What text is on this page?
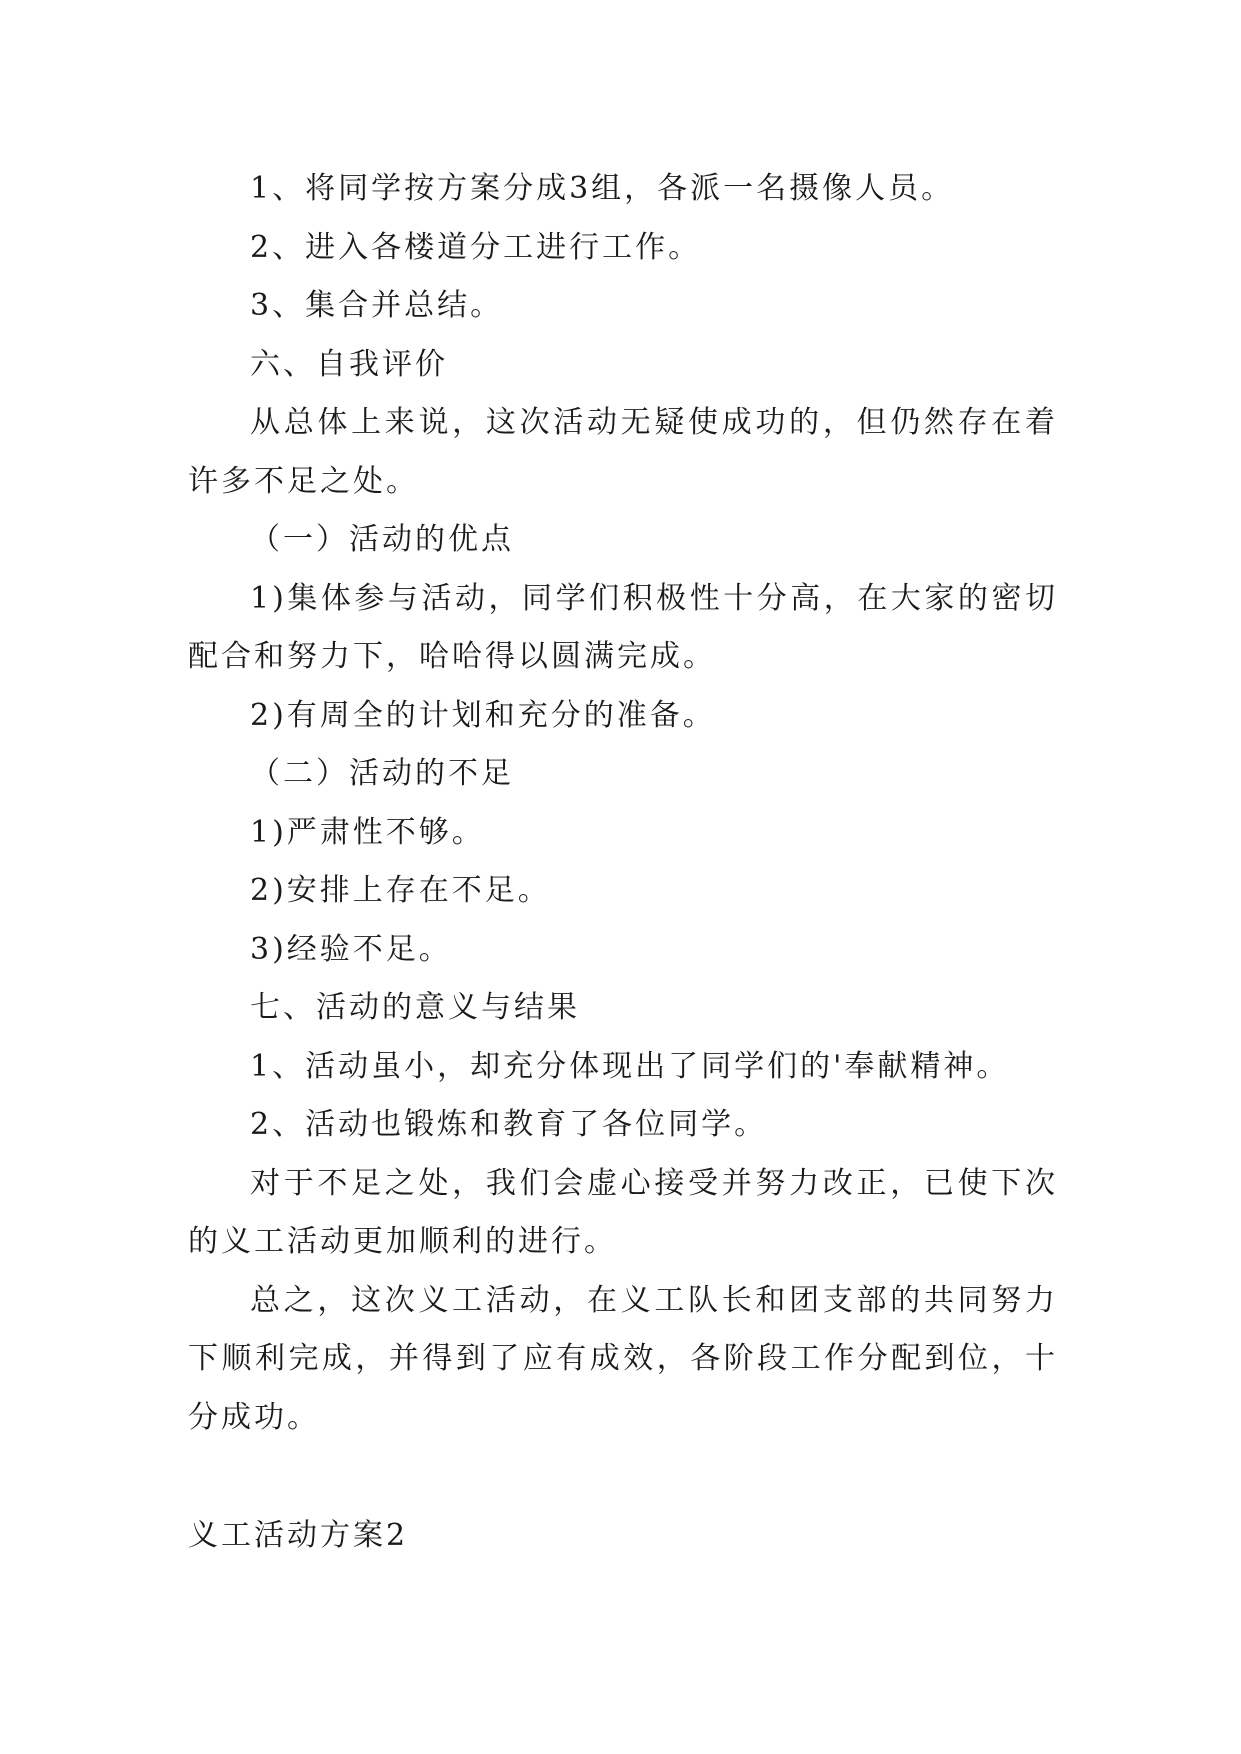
1、将同学按方案分成3组，各派一名摄像人员。

2、进入各楼道分工进行工作。

3、集合并总结。

六、自我评价

从总体上来说，这次活动无疑使成功的，但仍然存在着许多不足之处。

（一）活动的优点

1)集体参与活动，同学们积极性十分高，在大家的密切配合和努力下，哈哈得以圆满完成。

2)有周全的计划和充分的准备。

（二）活动的不足

1)严肃性不够。

2)安排上存在不足。

3)经验不足。

七、活动的意义与结果

1、活动虽小，却充分体现出了同学们的'奉献精神。

2、活动也锻炼和教育了各位同学。

对于不足之处，我们会虚心接受并努力改正，已使下次的义工活动更加顺利的进行。

总之，这次义工活动，在义工队长和团支部的共同努力下顺利完成，并得到了应有成效，各阶段工作分配到位，十分成功。

义工活动方案2
